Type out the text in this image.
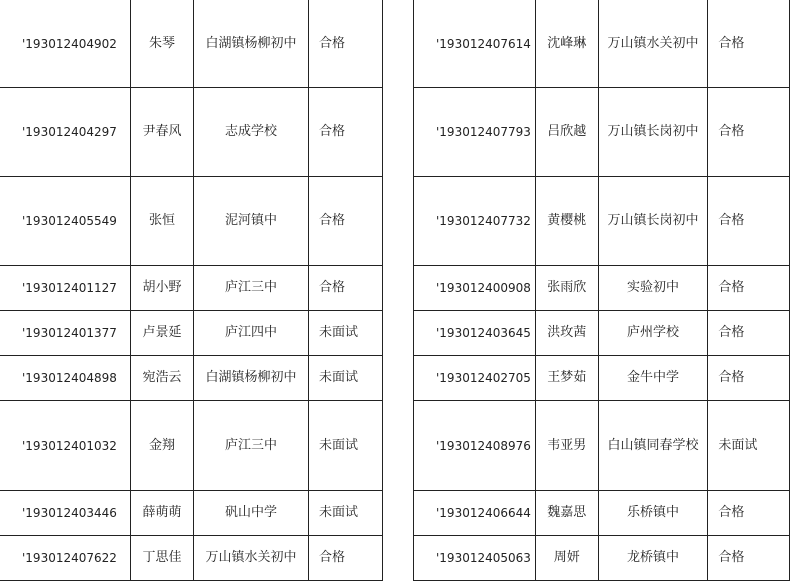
'193012404902	朱琴	白湖镇杨柳初中	合格
'193012404297	尹春风	志成学校	合格
'193012405549	张恒	泥河镇中	合格
'193012401127	胡小野	庐江三中	合格
'193012401377	卢景延	庐江四中	未面试
'193012404898	宛浩云	白湖镇杨柳初中	未面试
'193012401032	金翔	庐江三中	未面试
'193012403446	薛萌萌	矾山中学	未面试
'193012407622	丁思佳	万山镇水关初中	合格
'193012407614	沈峰琳	万山镇水关初中	合格
'193012407793	吕欣越	万山镇长岗初中	合格
'193012407732	黄樱桃	万山镇长岗初中	合格
'193012400908	张雨欣	实验初中	合格
'193012403645	洪玫茜	庐州学校	合格
'193012402705	王梦茹	金牛中学	合格
'193012408976	韦亚男	白山镇同春学校	未面试
'193012406644	魏嘉思	乐桥镇中	合格
'193012405063	周妍	龙桥镇中	合格
